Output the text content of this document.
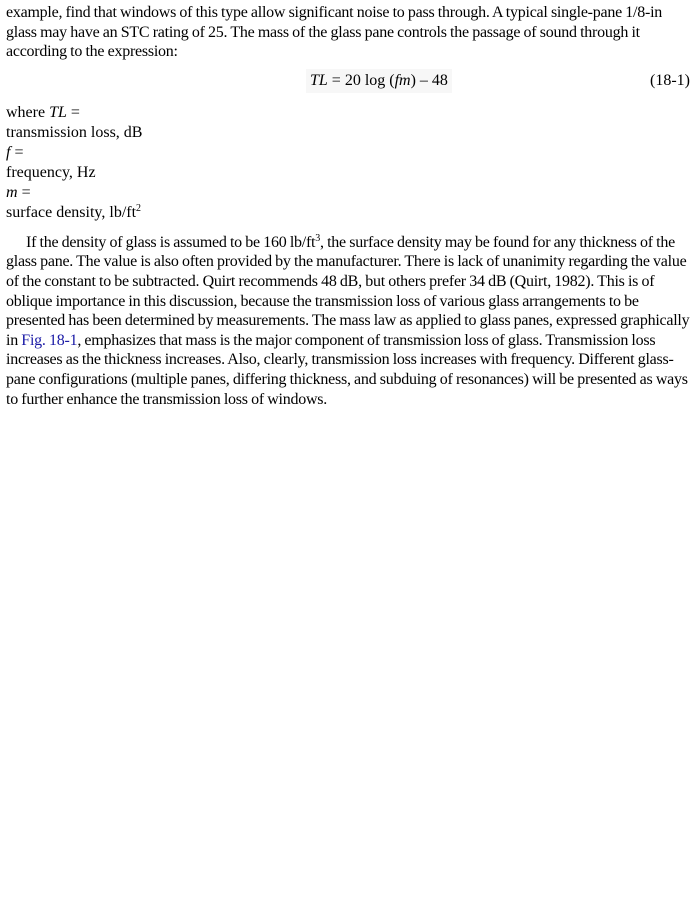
example, find that windows of this type allow significant noise to pass through. A typical single-pane 1/8-in glass may have an STC rating of 25. The mass of the glass pane controls the passage of sound through it according to the expression:

TL = 20 log (fm) – 48	(18-1)
where TL =
transmission loss, dB
f =
frequency, Hz
m =
surface density, $lb/ft^2$

If the density of glass is assumed to be 160 $lb/ft^3$, the surface density may be found for any thickness of the glass pane. The value is also often provided by the manufacturer. There is lack of unanimity regarding the value of the constant to be subtracted. Quirt recommends 48 dB, but others prefer 34 dB (Quirt, 1982). This is of oblique importance in this discussion, because the transmission loss of various glass arrangements to be presented has been determined by measurements. The mass law as applied to glass panes, expressed graphically in Fig. 18-1, emphasizes that mass is the major component of transmission loss of glass. Transmission loss increases as the thickness increases. Also, clearly, transmission loss increases with frequency. Different glass-pane configurations (multiple panes, differing thickness, and subduing of resonances) will be presented as ways to further enhance the transmission loss of windows.
